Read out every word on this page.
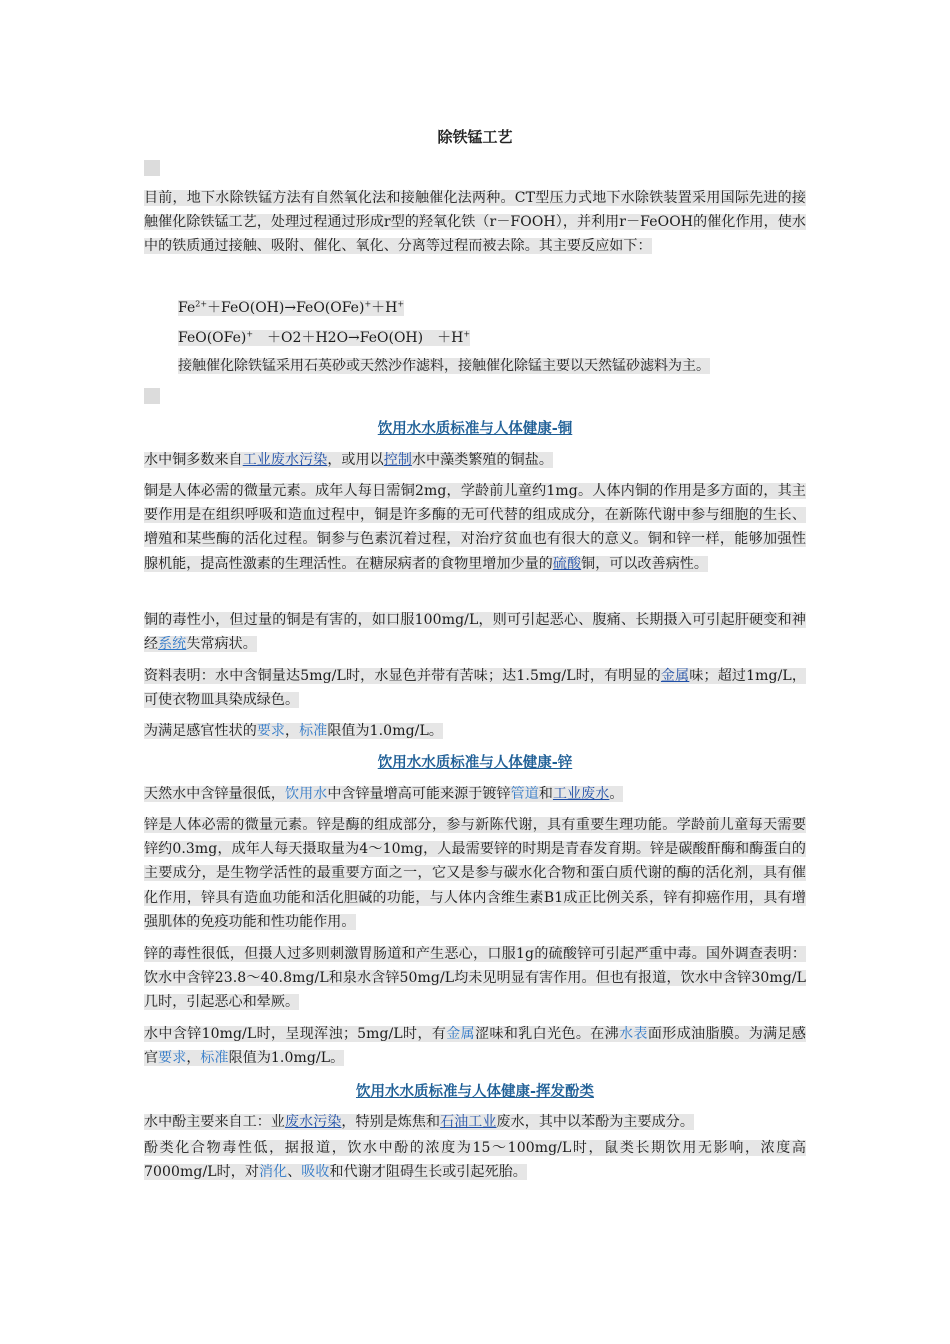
除铁锰工艺
目前，地下水除铁锰方法有自然氧化法和接触催化法两种。CT型压力式地下水除铁装置采用国际先进的接触催化除铁锰工艺，处理过程通过形成r型的羟氧化铁（r－FOOH），并利用r－FeOOH的催化作用，使水中的铁质通过接触、吸附、催化、氧化、分离等过程而被去除。其主要反应如下：
$Fe^{2+}+FeO(OH)\to FeO(OFe)^++H^+$
FeO(OFe)+　＋O2＋H2O→FeO(OH)　＋H+
接触催化除铁锰采用石英砂或天然沙作滤料，接触催化除锰主要以天然锰砂滤料为主。
饮用水水质标准与人体健康-铜
水中铜多数来自工业废水污染，或用以控制水中藻类繁殖的铜盐。
铜是人体必需的微量元素。成年人每日需铜2mg，学龄前儿童约1mg。人体内铜的作用是多方面的，其主要作用是在组织呼吸和造血过程中，铜是许多酶的无可代替的组成成分，在新陈代谢中参与细胞的生长、增殖和某些酶的活化过程。铜参与色素沉着过程，对治疗贫血也有很大的意义。铜和锌一样，能够加强性腺机能，提高性激素的生理活性。在糖尿病者的食物里增加少量的硫酸铜，可以改善病性。
铜的毒性小，但过量的铜是有害的，如口服100mg/L，则可引起恶心、腹痛、长期摄入可引起肝硬变和神经系统失常病状。
资料表明：水中含铜量达5mg/L时，水显色并带有苦味；达1.5mg/L时，有明显的金属味；超过1mg/L，可使衣物皿具染成绿色。
为满足感官性状的要求，标准限值为1.0mg/L。
饮用水水质标准与人体健康-锌
天然水中含锌量很低，饮用水中含锌量增高可能来源于镀锌管道和工业废水。
锌是人体必需的微量元素。锌是酶的组成部分，参与新陈代谢，具有重要生理功能。学龄前儿童每天需要锌约0.3mg，成年人每天摄取量为4～10mg，人最需要锌的时期是青春发育期。锌是碳酸酐酶和酶蛋白的主要成分，是生物学活性的最重要方面之一，它又是参与碳水化合物和蛋白质代谢的酶的活化剂，具有催化作用，锌具有造血功能和活化胆碱的功能，与人体内含维生素B1成正比例关系，锌有抑癌作用，具有增强肌体的免疫功能和性功能作用。
锌的毒性很低，但摄人过多则刺激胃肠道和产生恶心，口服1g的硫酸锌可引起严重中毒。国外调查表明：饮水中含锌23.8～40.8mg/L和泉水含锌50mg/L均未见明显有害作用。但也有报道，饮水中含锌30mg/L几时，引起恶心和晕厥。
水中含锌10mg/L时，呈现浑浊；5mg/L时，有金属涩味和乳白光色。在沸水表面形成油脂膜。为满足感官要求，标准限值为1.0mg/L。
饮用水水质标准与人体健康-挥发酚类
水中酚主要来自工：业废水污染，特别是炼焦和石油工业废水，其中以苯酚为主要成分。
酚类化合物毒性低，据报道，饮水中酚的浓度为15～100mg/L时，鼠类长期饮用无影响，浓度高7000mg/L时，对消化、吸收和代谢才阻碍生长或引起死胎。
